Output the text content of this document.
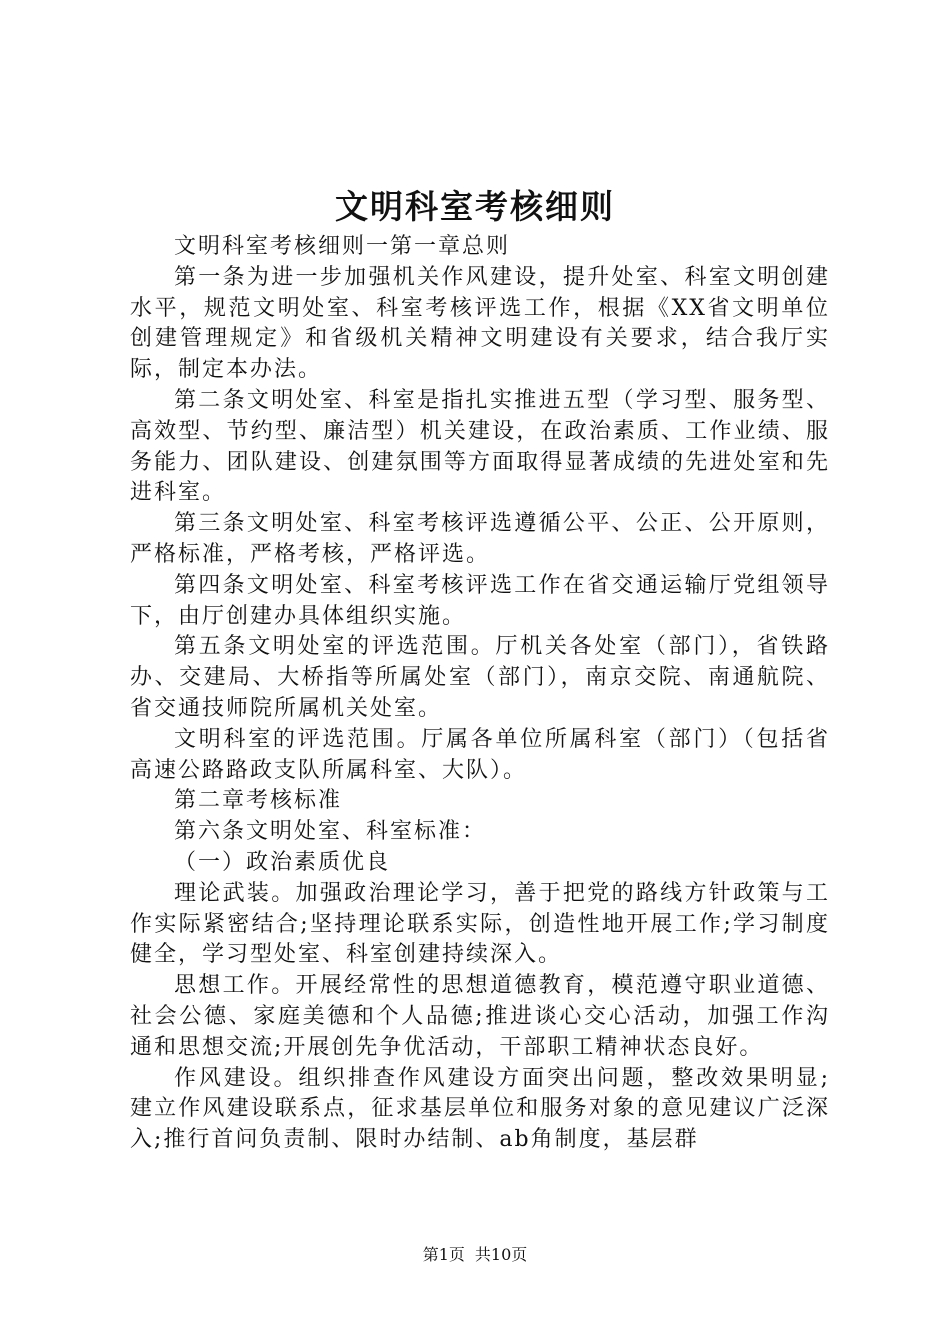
文明科室考核细则

文明科室考核细则一第一章总则

第一条为进一步加强机关作风建设，提升处室、科室文明创建水平，规范文明处室、科室考核评选工作，根据《XX省文明单位创建管理规定》和省级机关精神文明建设有关要求，结合我厅实际，制定本办法。

第二条文明处室、科室是指扎实推进五型（学习型、服务型、高效型、节约型、廉洁型）机关建设，在政治素质、工作业绩、服务能力、团队建设、创建氛围等方面取得显著成绩的先进处室和先进科室。

第三条文明处室、科室考核评选遵循公平、公正、公开原则，严格标准，严格考核，严格评选。

第四条文明处室、科室考核评选工作在省交通运输厅党组领导下，由厅创建办具体组织实施。

第五条文明处室的评选范围。厅机关各处室（部门），省铁路办、交建局、大桥指等所属处室（部门），南京交院、南通航院、省交通技师院所属机关处室。

文明科室的评选范围。厅属各单位所属科室（部门）（包括省高速公路路政支队所属科室、大队）。

第二章考核标准

第六条文明处室、科室标准：

（一）政治素质优良

理论武装。加强政治理论学习，善于把党的路线方针政策与工作实际紧密结合;坚持理论联系实际，创造性地开展工作;学习制度健全，学习型处室、科室创建持续深入。

思想工作。开展经常性的思想道德教育，模范遵守职业道德、社会公德、家庭美德和个人品德;推进谈心交心活动，加强工作沟通和思想交流;开展创先争优活动，干部职工精神状态良好。

作风建设。组织排查作风建设方面突出问题，整改效果明显;建立作风建设联系点，征求基层单位和服务对象的意见建议广泛深入;推行首问负责制、限时办结制、ab角制度，基层群

第1页 共10页
